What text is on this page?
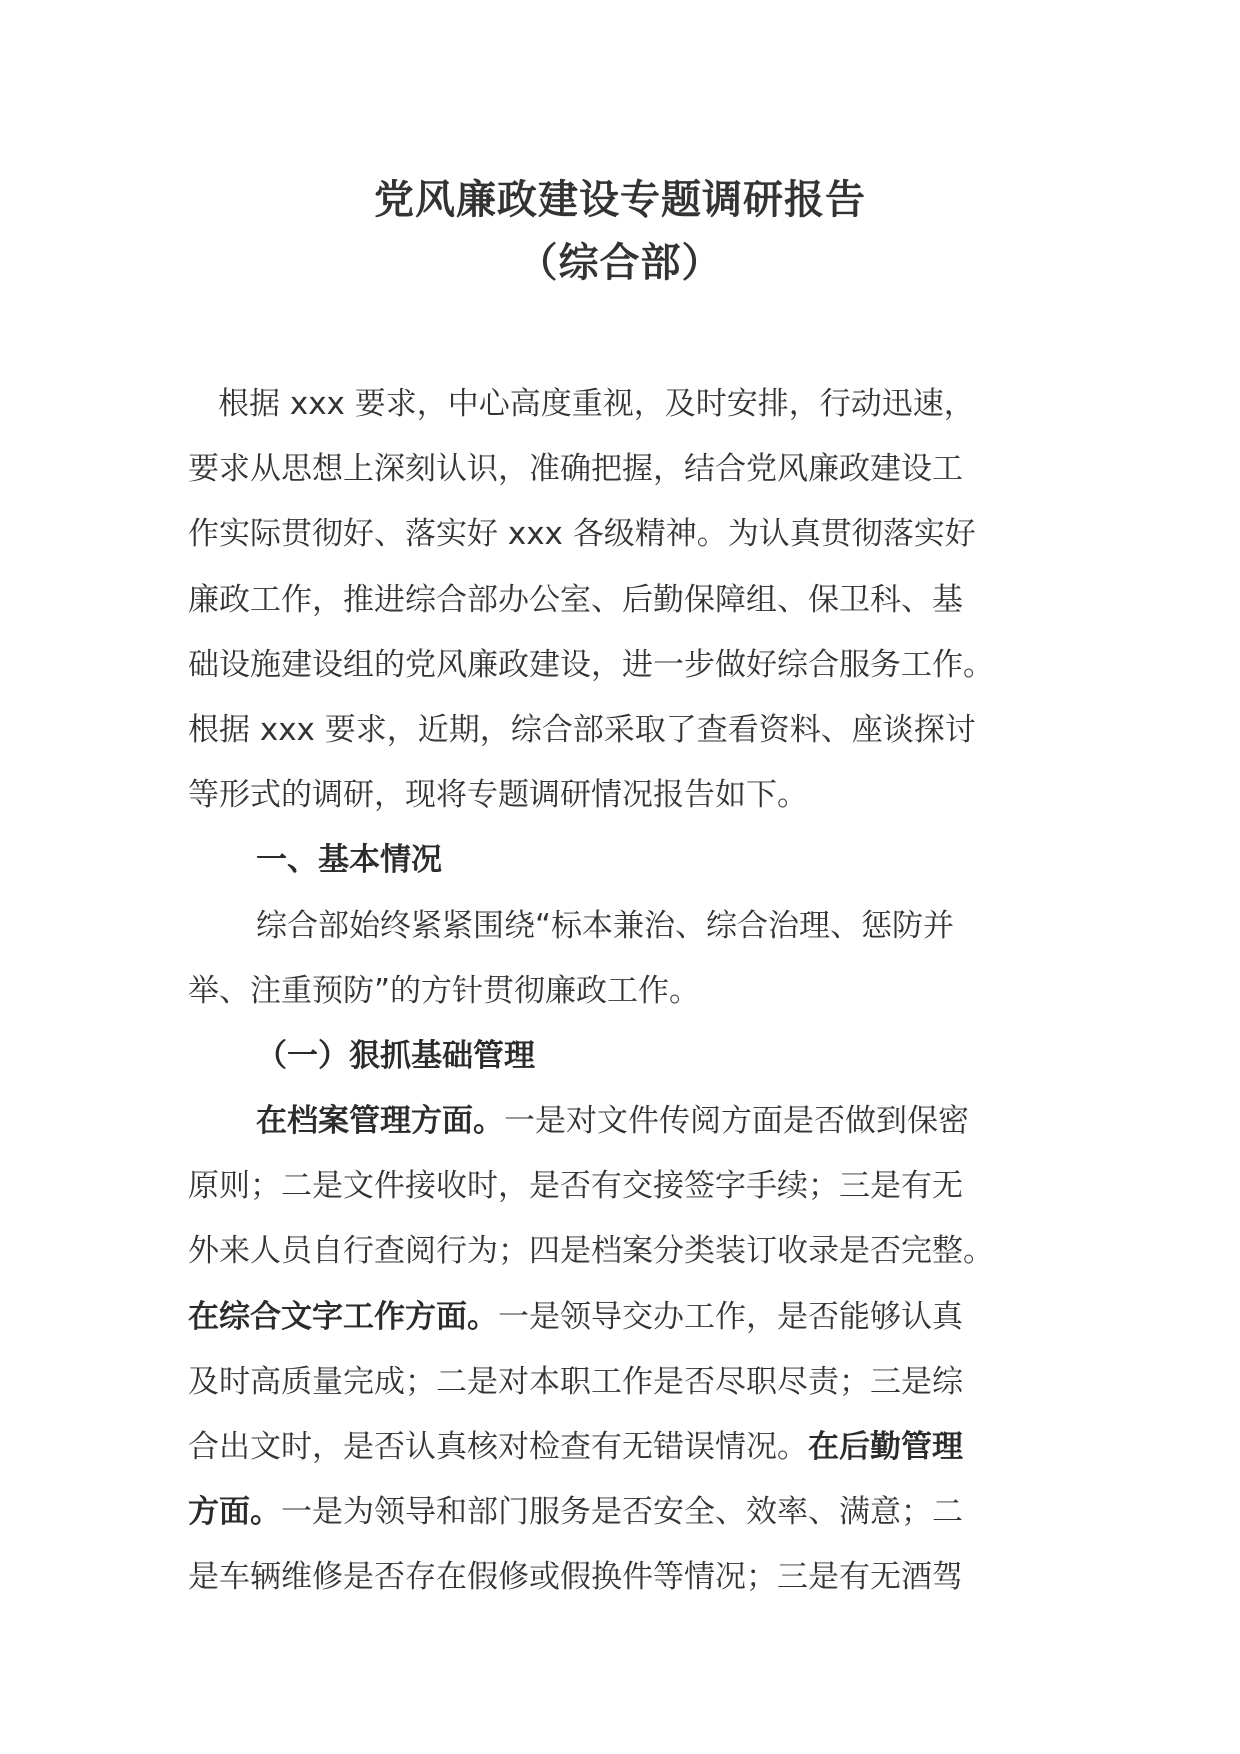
党风廉政建设专题调研报告
（综合部）
根据 xxx 要求，中心高度重视，及时安排，行动迅速，
要求从思想上深刻认识，准确把握，结合党风廉政建设工
作实际贯彻好、落实好 xxx 各级精神。为认真贯彻落实好
廉政工作，推进综合部办公室、后勤保障组、保卫科、基
础设施建设组的党风廉政建设，进一步做好综合服务工作。
根据 xxx 要求，近期，综合部采取了查看资料、座谈探讨
等形式的调研，现将专题调研情况报告如下。
一、基本情况
综合部始终紧紧围绕“标本兼治、综合治理、惩防并
举、注重预防”的方针贯彻廉政工作。
（一）狠抓基础管理
在档案管理方面。一是对文件传阅方面是否做到保密
原则；二是文件接收时，是否有交接签字手续；三是有无
外来人员自行查阅行为；四是档案分类装订收录是否完整。
在综合文字工作方面。一是领导交办工作，是否能够认真
及时高质量完成；二是对本职工作是否尽职尽责；三是综
合出文时，是否认真核对检查有无错误情况。在后勤管理
方面。一是为领导和部门服务是否安全、效率、满意；二
是车辆维修是否存在假修或假换件等情况；三是有无酒驾
